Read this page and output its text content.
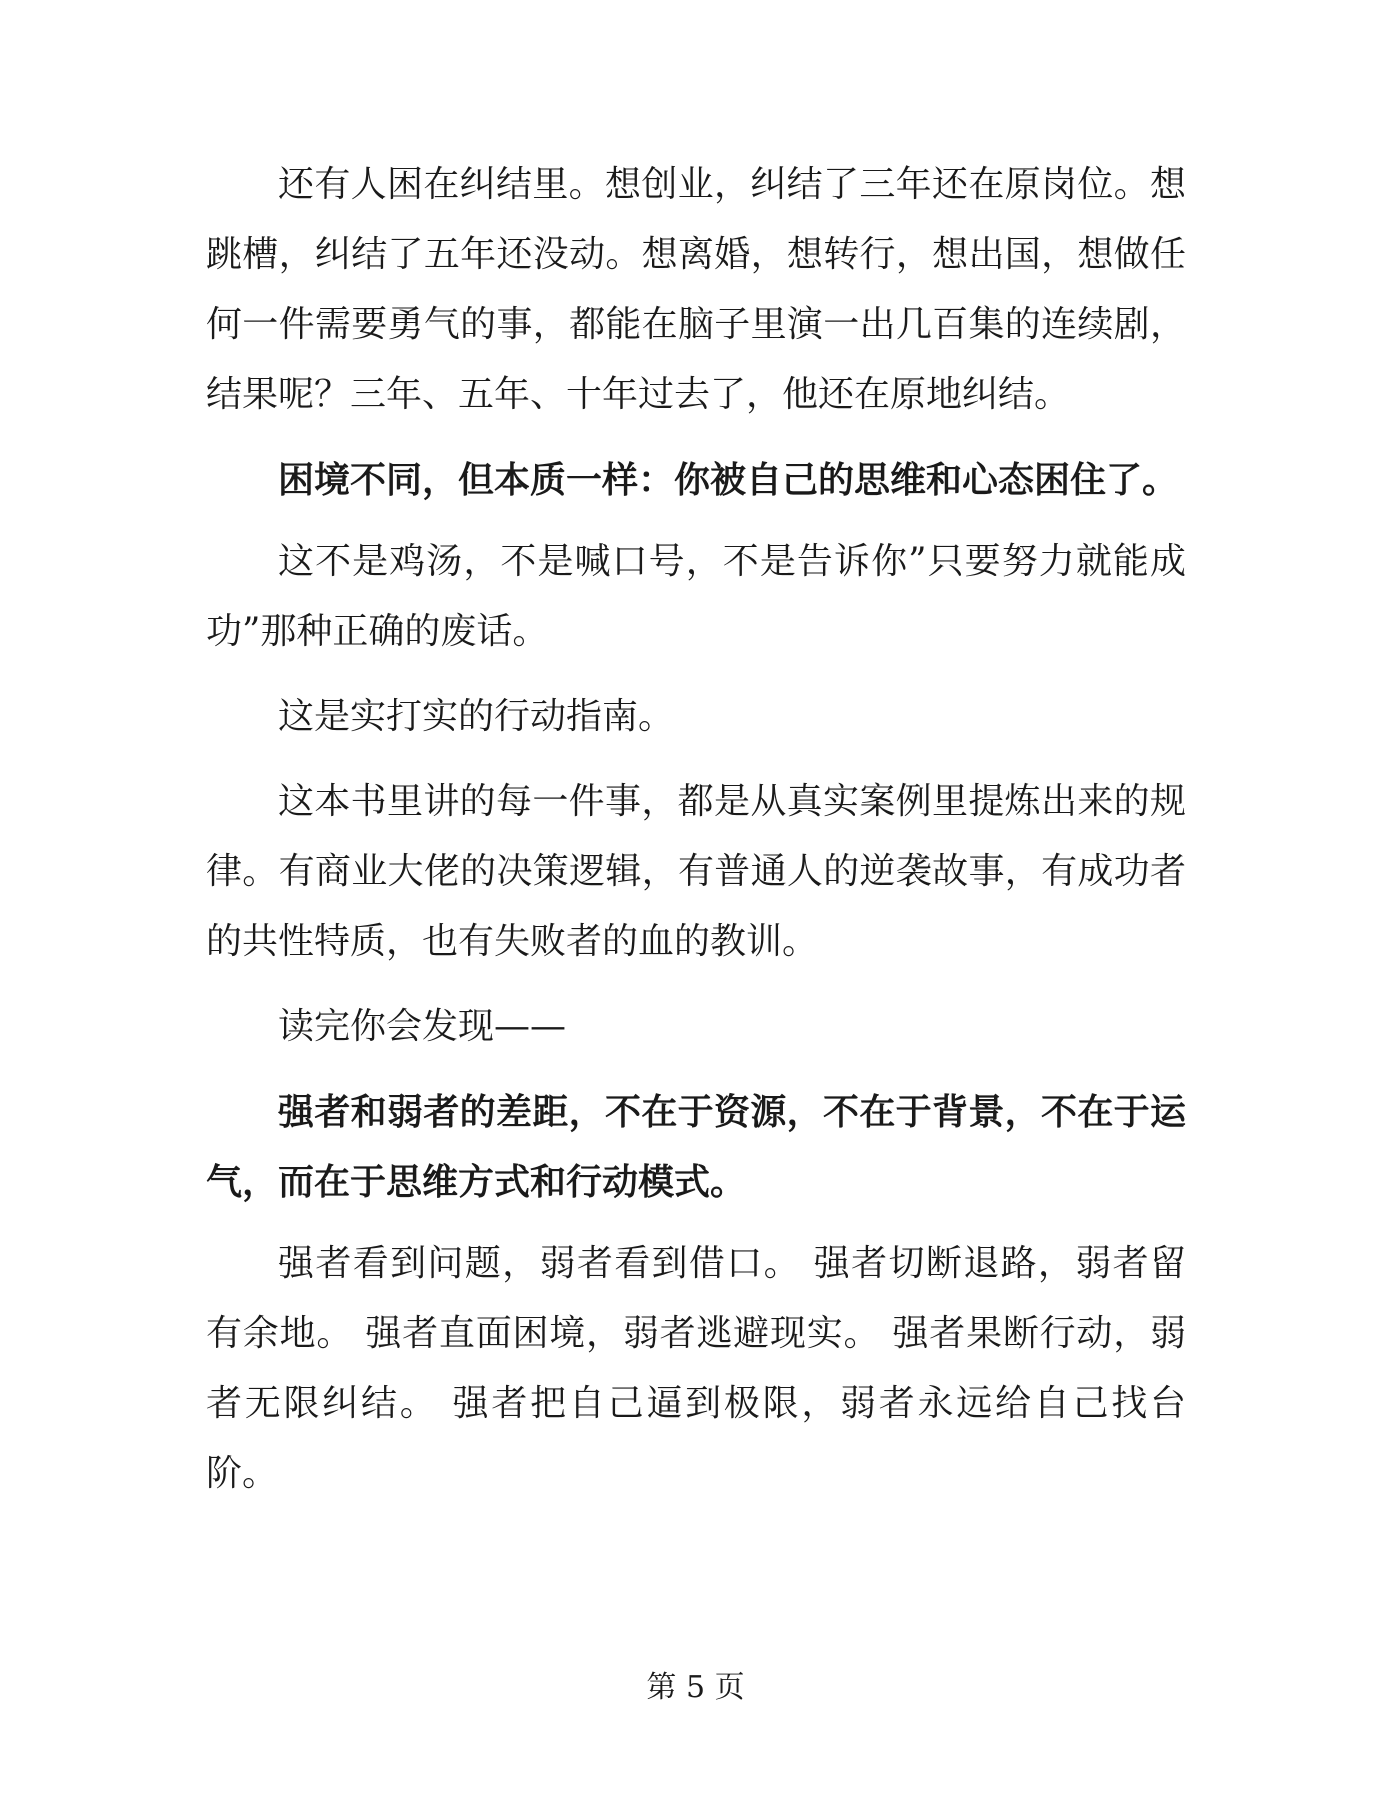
还有人困在纠结里。想创业，纠结了三年还在原岗位。想跳槽，纠结了五年还没动。想离婚，想转行，想出国，想做任何一件需要勇气的事，都能在脑子里演一出几百集的连续剧，结果呢？三年、五年、十年过去了，他还在原地纠结。

困境不同，但本质一样：你被自己的思维和心态困住了。

这不是鸡汤，不是喊口号，不是告诉你”只要努力就能成功”那种正确的废话。

这是实打实的行动指南。

这本书里讲的每一件事，都是从真实案例里提炼出来的规律。有商业大佬的决策逻辑，有普通人的逆袭故事，有成功者的共性特质，也有失败者的血的教训。

读完你会发现——

强者和弱者的差距，不在于资源，不在于背景，不在于运气，而在于思维方式和行动模式。

强者看到问题，弱者看到借口。 强者切断退路，弱者留有余地。 强者直面困境，弱者逃避现实。 强者果断行动，弱者无限纠结。 强者把自己逼到极限，弱者永远给自己找台阶。

第 5 页
